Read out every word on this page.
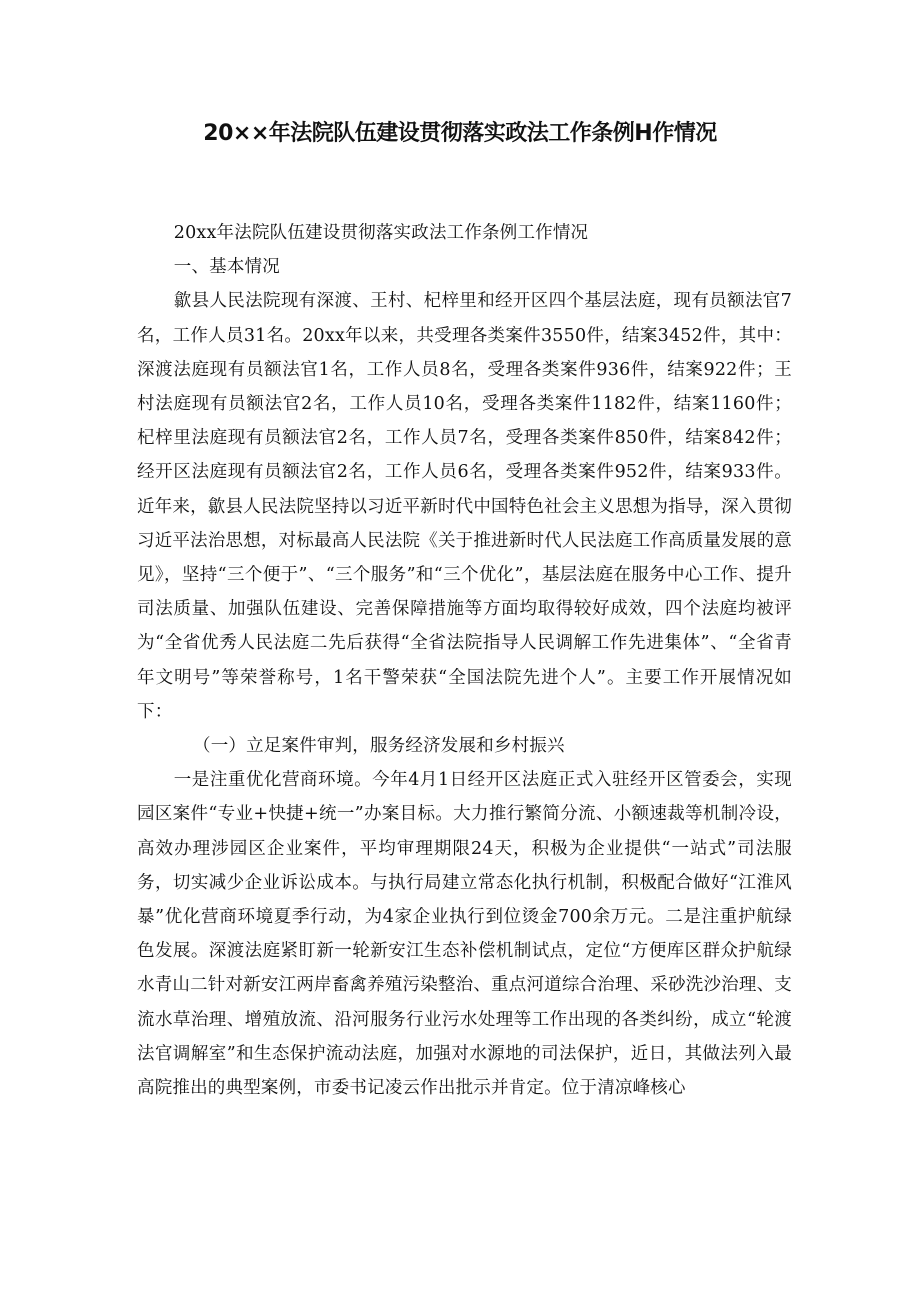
20××年法院队伍建设贯彻落实政法工作条例H作情况

20xx年法院队伍建设贯彻落实政法工作条例工作情况

一、基本情况

歙县人民法院现有深渡、王村、杞梓里和经开区四个基层法庭，现有员额法官7名，工作人员31名。20xx年以来，共受理各类案件3550件，结案3452件，其中：深渡法庭现有员额法官1名，工作人员8名，受理各类案件936件，结案922件；王村法庭现有员额法官2名，工作人员10名，受理各类案件1182件，结案1160件；杞梓里法庭现有员额法官2名，工作人员7名，受理各类案件850件，结案842件；经开区法庭现有员额法官2名，工作人员6名，受理各类案件952件，结案933件。近年来，歙县人民法院坚持以习近平新时代中国特色社会主义思想为指导，深入贯彻习近平法治思想，对标最高人民法院《关于推进新时代人民法庭工作高质量发展的意见》，坚持“三个便于”、“三个服务”和“三个优化”，基层法庭在服务中心工作、提升司法质量、加强队伍建设、完善保障措施等方面均取得较好成效，四个法庭均被评为“全省优秀人民法庭二先后获得“全省法院指导人民调解工作先进集体”、“全省青年文明号”等荣誉称号，1名干警荣获“全国法院先进个人”。主要工作开展情况如下：

（一）立足案件审判，服务经济发展和乡村振兴

一是注重优化营商环境。今年4月1日经开区法庭正式入驻经开区管委会，实现园区案件“专业+快捷+统一”办案目标。大力推行繁简分流、小额速裁等机制冷设，高效办理涉园区企业案件，平均审理期限24天，积极为企业提供“一站式”司法服务，切实减少企业诉讼成本。与执行局建立常态化执行机制，积极配合做好“江淮风暴”优化营商环境夏季行动，为4家企业执行到位烫金700余万元。二是注重护航绿色发展。深渡法庭紧盯新一轮新安江生态补偿机制试点，定位“方便库区群众护航绿水青山二针对新安江两岸畜禽养殖污染整治、重点河道综合治理、采砂洗沙治理、支流水草治理、增殖放流、沿河服务行业污水处理等工作出现的各类纠纷，成立“轮渡法官调解室”和生态保护流动法庭，加强对水源地的司法保护，近日，其做法列入最高院推出的典型案例，市委书记凌云作出批示并肯定。位于清凉峰核心
